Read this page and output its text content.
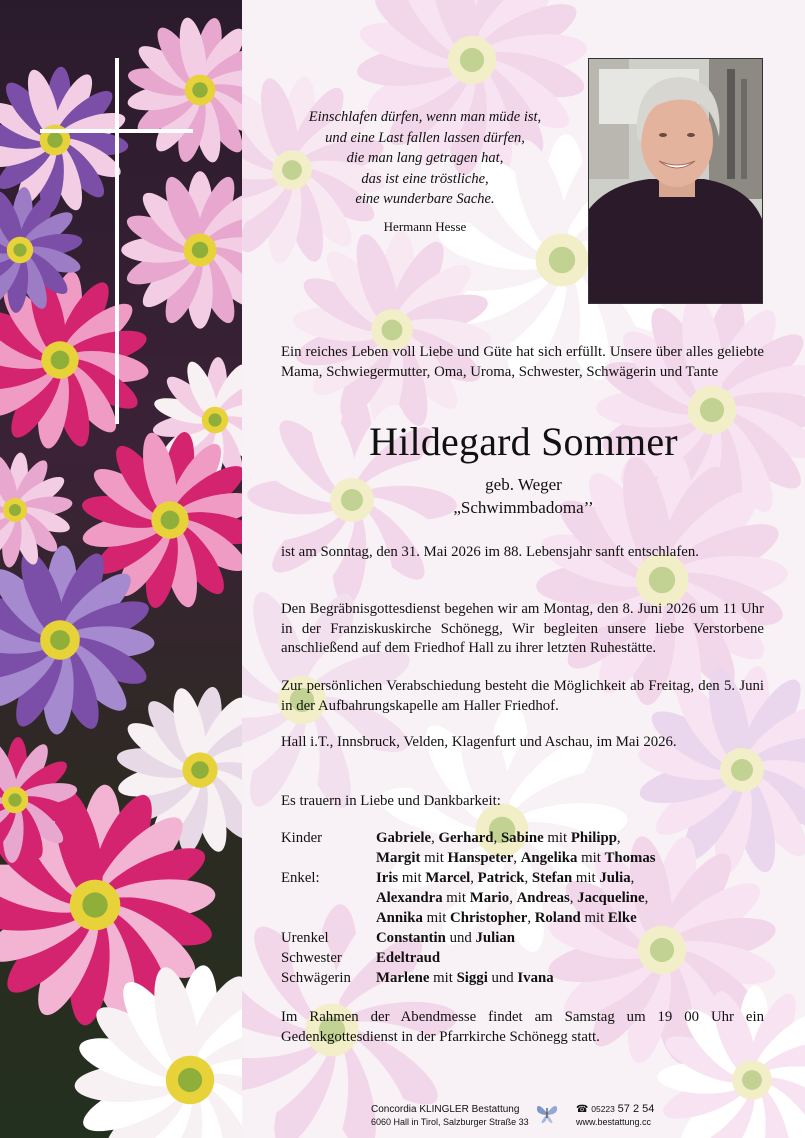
Einschlafen dürfen, wenn man müde ist,
und eine Last fallen lassen dürfen,
die man lang getragen hat,
das ist eine tröstliche,
eine wunderbare Sache.
Hermann Hesse
Ein reiches Leben voll Liebe und Güte hat sich erfüllt. Unsere über alles geliebte Mama, Schwiegermutter, Oma, Uroma, Schwester, Schwägerin und Tante
Hildegard Sommer
geb. Weger
„Schwimmbadoma’’
ist am Sonntag, den 31. Mai 2026 im 88. Lebensjahr sanft entschlafen.
Den Begräbnisgottesdienst begehen wir am Montag, den 8. Juni 2026 um 11 Uhr in der Franziskuskirche Schönegg, Wir begleiten unsere liebe Verstorbene anschließend auf dem Friedhof Hall zu ihrer letzten Ruhestätte.
Zur persönlichen Verabschiedung besteht die Möglichkeit ab Freitag, den 5. Juni in der Aufbahrungskapelle am Haller Friedhof.
Hall i.T., Innsbruck, Velden, Klagenfurt und Aschau, im Mai 2026.
Es trauern in Liebe und Dankbarkeit:
Kinder	Gabriele, Gerhard, Sabine mit Philipp,
	Margit mit Hanspeter, Angelika mit Thomas
Enkel:	Iris mit Marcel, Patrick, Stefan mit Julia,
	Alexandra mit Mario, Andreas, Jacqueline,
	Annika mit Christopher, Roland mit Elke
Urenkel	Constantin und Julian
Schwester	Edeltraud
Schwägerin	Marlene mit Siggi und Ivana
Im Rahmen der Abendmesse findet am Samstag um 19 00 Uhr ein Gedenkgottesdienst in der Pfarrkirche Schönegg statt.
Concordia KLINGLER Bestattung
6060 Hall in Tirol, Salzburger Straße 33
☎ 05223 57 2 54
www.bestattung.cc
